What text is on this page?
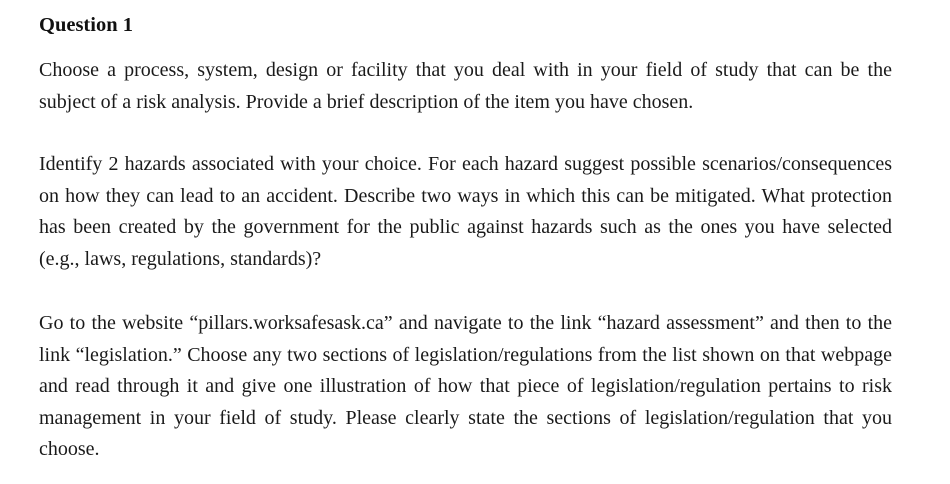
Question 1

Choose a process, system, design or facility that you deal with in your field of study that can be the subject of a risk analysis. Provide a brief description of the item you have chosen.

Identify 2 hazards associated with your choice. For each hazard suggest possible scenarios/consequences on how they can lead to an accident. Describe two ways in which this can be mitigated. What protection has been created by the government for the public against hazards such as the ones you have selected (e.g., laws, regulations, standards)?

Go to the website “pillars.worksafesask.ca” and navigate to the link “hazard assessment” and then to the link “legislation.” Choose any two sections of legislation/regulations from the list shown on that webpage and read through it and give one illustration of how that piece of legislation/regulation pertains to risk management in your field of study. Please clearly state the sections of legislation/regulation that you choose.
